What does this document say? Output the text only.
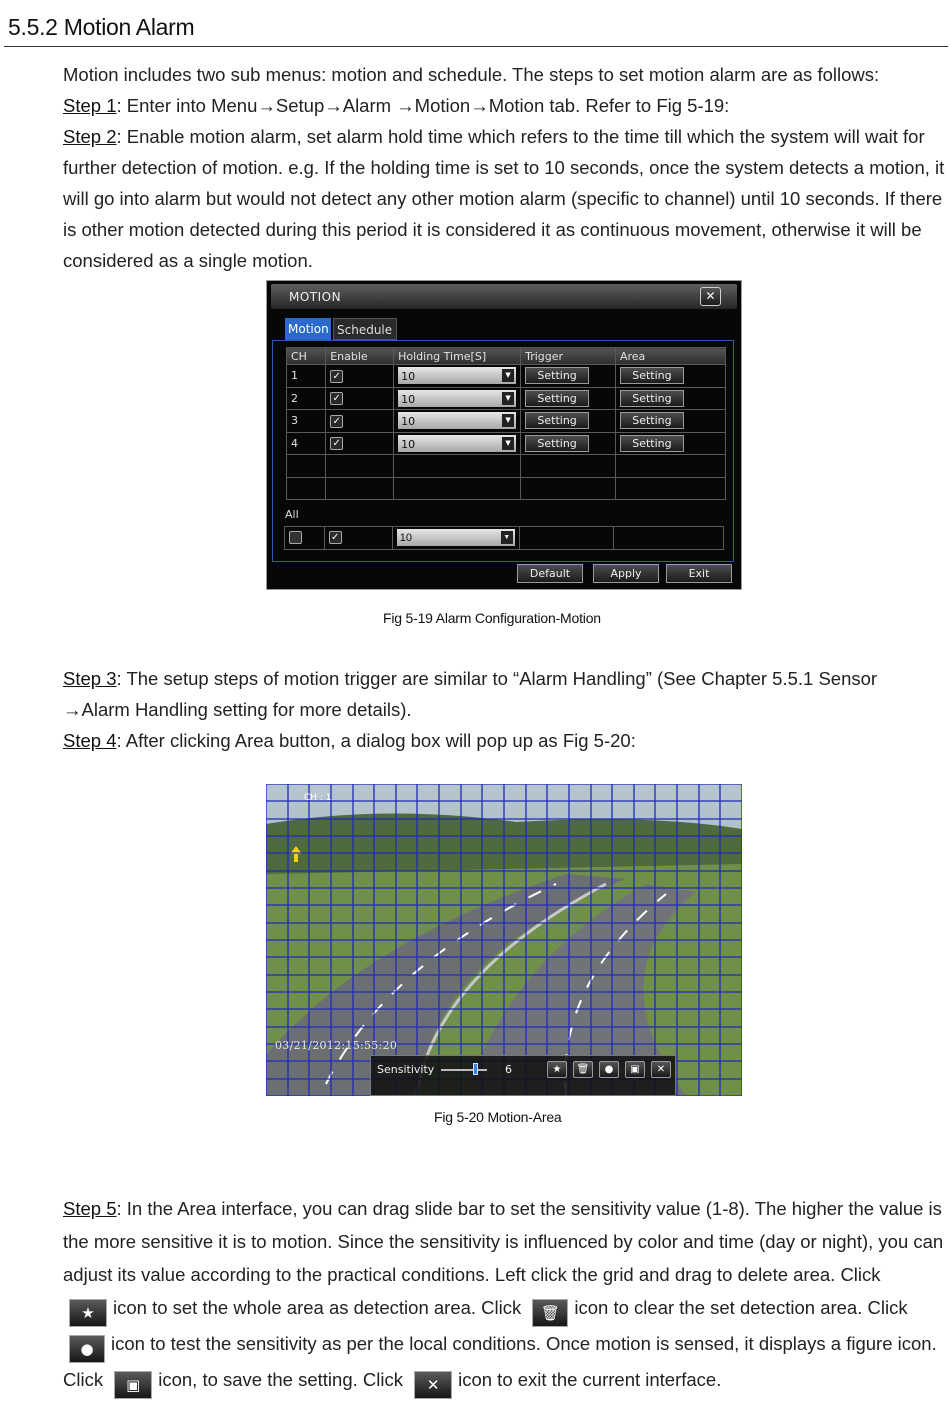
5.5.2 Motion Alarm
Motion includes two sub menus: motion and schedule. The steps to set motion alarm are as follows:
Step 1: Enter into Menu→Setup→Alarm →Motion→Motion tab. Refer to Fig 5-19:
Step 2: Enable motion alarm, set alarm hold time which refers to the time till which the system will wait for further detection of motion. e.g. If the holding time is set to 10 seconds, once the system detects a motion, it will go into alarm but would not detect any other motion alarm (specific to channel) until 10 seconds. If there is other motion detected during this period it is considered it as continuous movement, otherwise it will be considered as a single motion.
MOTION	✕
Motion Schedule
CH	Enable	Holding Time[S]	Trigger	Area
1	✓	10 ▼	Setting	Setting
2	✓	10 ▼	Setting	Setting
3	✓	10 ▼	Setting	Setting
4	✓	10 ▼	Setting	Setting

All
	✓	10	▼

Default	Apply	Exit
Fig 5-19 Alarm Configuration-Motion
Step 3: The setup steps of motion trigger are similar to “Alarm Handling” (See Chapter 5.5.1 Sensor →Alarm Handling setting for more details).
Step 4: After clicking Area button, a dialog box will pop up as Fig 5-20:
CH : 1
03/21/2012:15:55:20
Sensitivity	6	★	🗑	●	▣	✕
Fig 5-20 Motion-Area
Step 5: In the Area interface, you can drag slide bar to set the sensitivity value (1-8). The higher the value is the more sensitive it is to motion. Since the sensitivity is influenced by color and time (day or night), you can adjust its value according to the practical conditions. Left click the grid and drag to delete area. Click
★ icon to set the whole area as detection area. Click 🗑 icon to clear the set detection area. Click
● icon to test the sensitivity as per the local conditions. Once motion is sensed, it displays a figure icon. Click ▣ icon, to save the setting. Click ✕ icon to exit the current interface.
